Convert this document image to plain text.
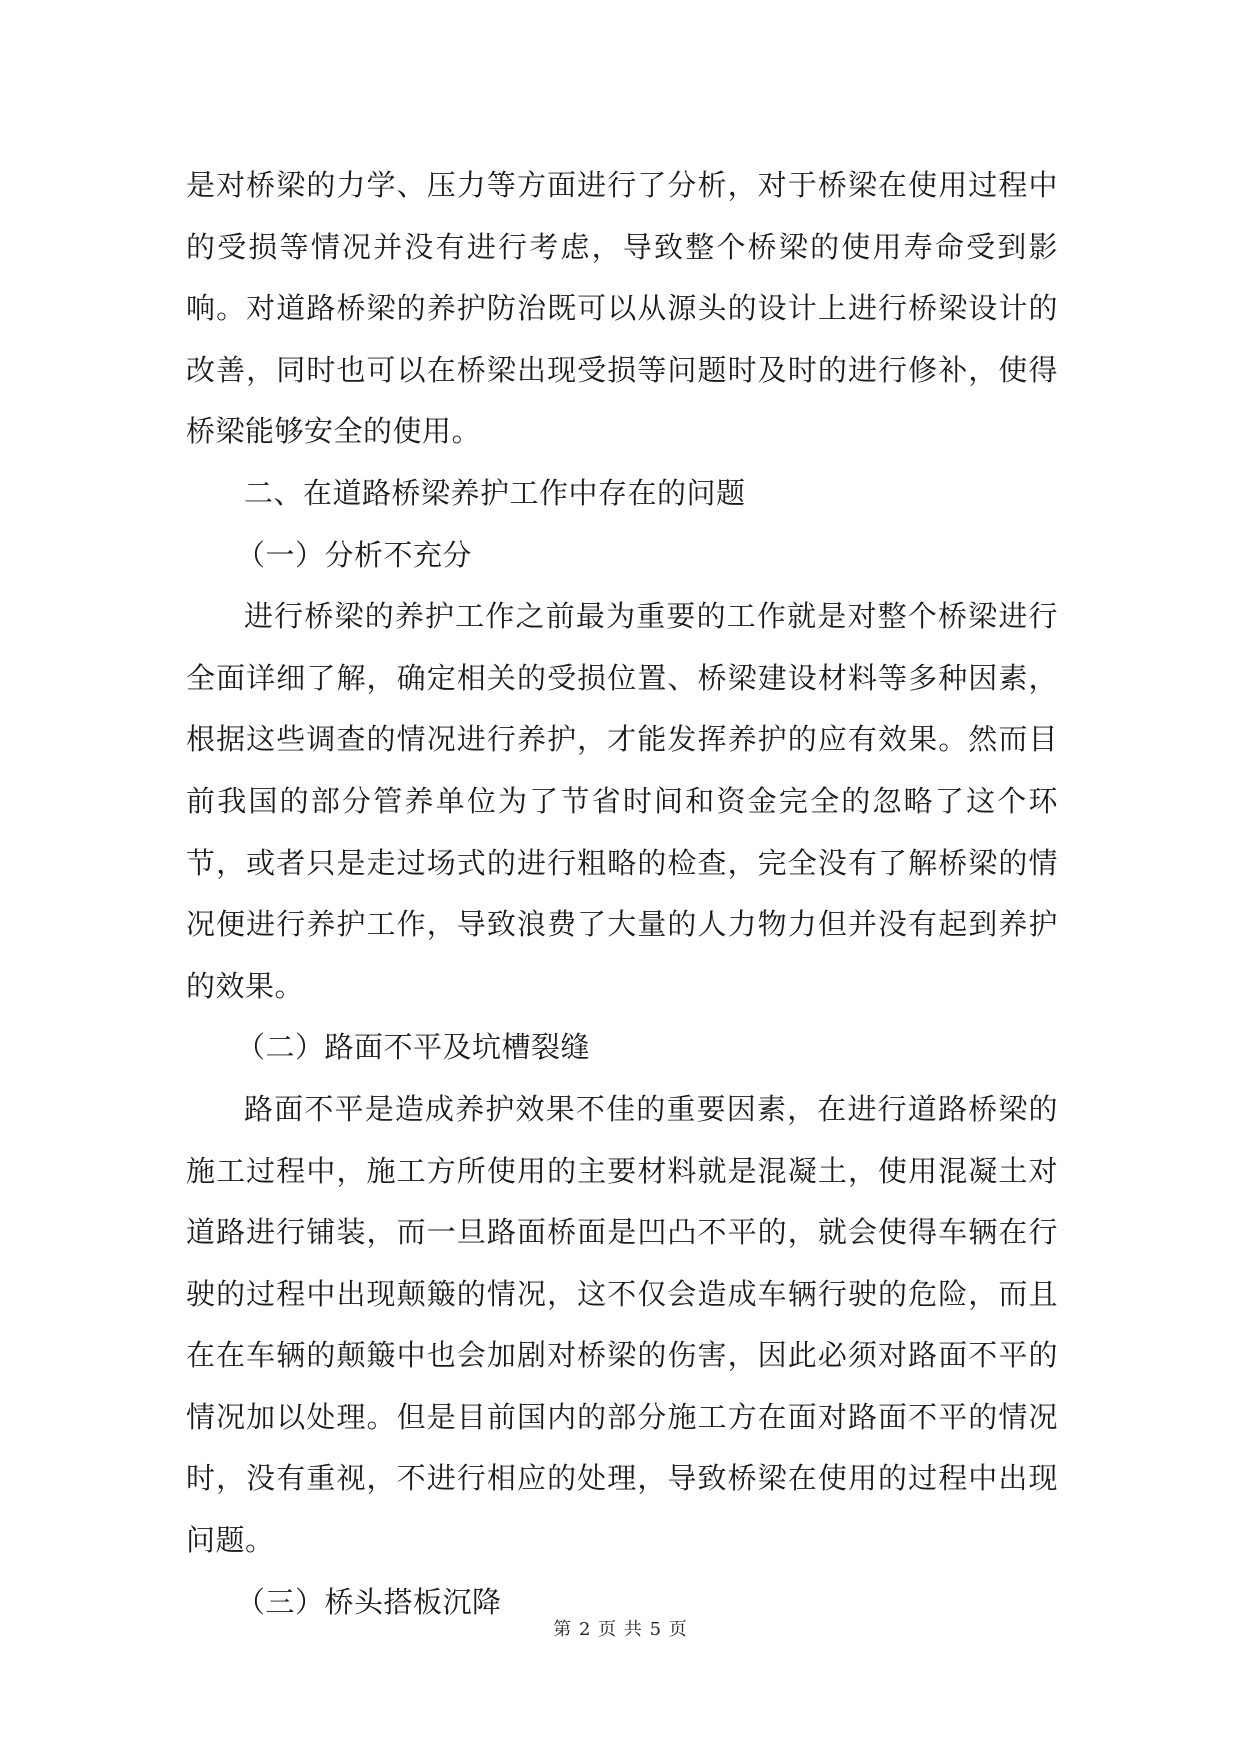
是对桥梁的力学、压力等方面进行了分析，对于桥梁在使用过程中的受损等情况并没有进行考虑，导致整个桥梁的使用寿命受到影响。对道路桥梁的养护防治既可以从源头的设计上进行桥梁设计的改善，同时也可以在桥梁出现受损等问题时及时的进行修补，使得桥梁能够安全的使用。

二、在道路桥梁养护工作中存在的问题

（一）分析不充分

进行桥梁的养护工作之前最为重要的工作就是对整个桥梁进行全面详细了解，确定相关的受损位置、桥梁建设材料等多种因素，根据这些调查的情况进行养护，才能发挥养护的应有效果。然而目前我国的部分管养单位为了节省时间和资金完全的忽略了这个环节，或者只是走过场式的进行粗略的检查，完全没有了解桥梁的情况便进行养护工作，导致浪费了大量的人力物力但并没有起到养护的效果。

（二）路面不平及坑槽裂缝

路面不平是造成养护效果不佳的重要因素，在进行道路桥梁的施工过程中，施工方所使用的主要材料就是混凝土，使用混凝土对道路进行铺装，而一旦路面桥面是凹凸不平的，就会使得车辆在行驶的过程中出现颠簸的情况，这不仅会造成车辆行驶的危险，而且在在车辆的颠簸中也会加剧对桥梁的伤害，因此必须对路面不平的情况加以处理。但是目前国内的部分施工方在面对路面不平的情况时，没有重视，不进行相应的处理，导致桥梁在使用的过程中出现问题。

（三）桥头搭板沉降

第 2 页 共 5 页
